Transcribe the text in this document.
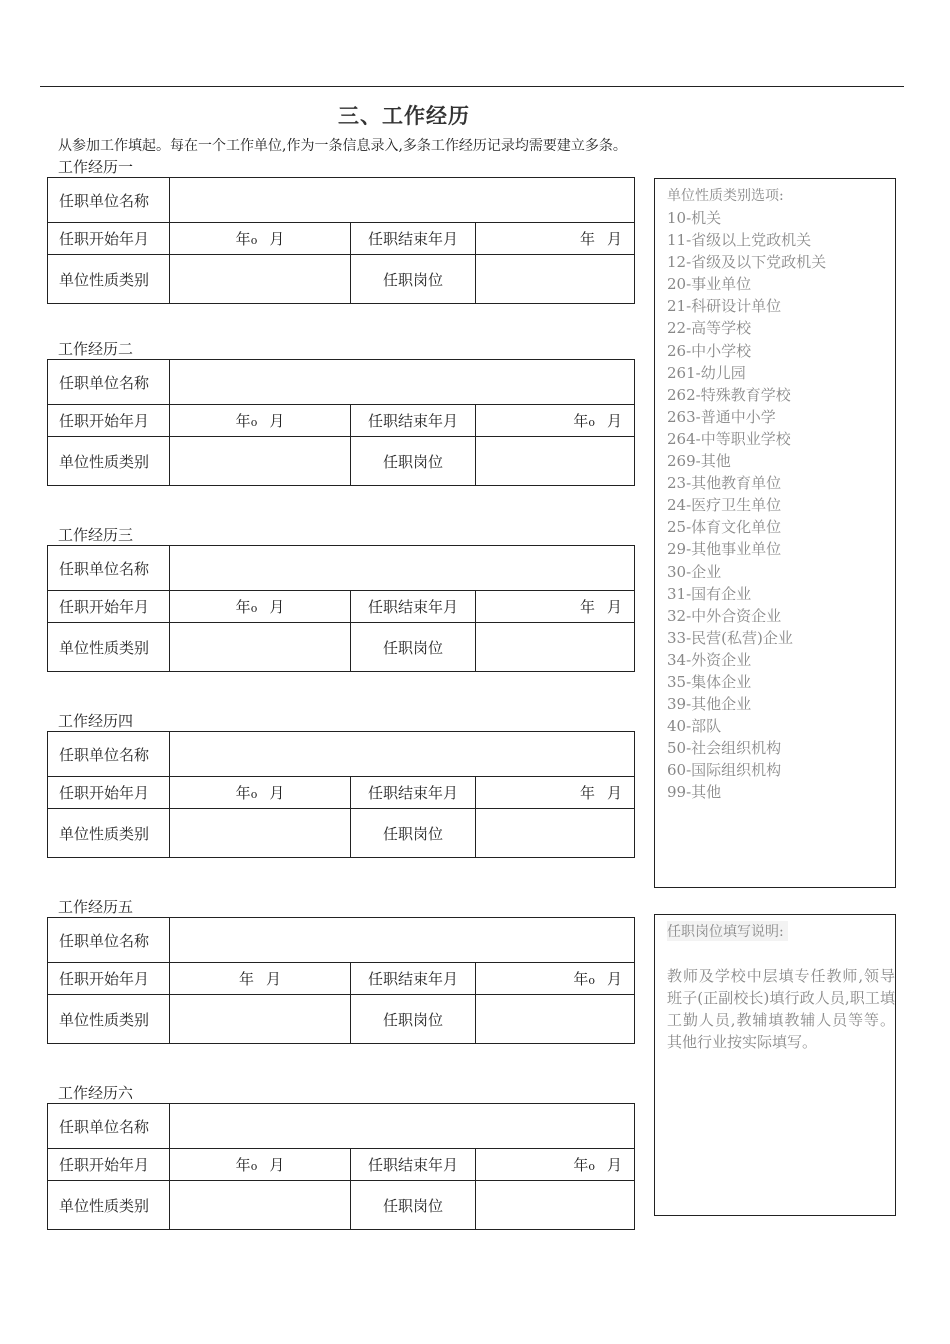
三、工作经历
从参加工作填起。每在一个工作单位,作为一条信息录入,多条工作经历记录均需要建立多条。
工作经历一
任职单位名称			
任职开始年月	年o 月	任职结束年月	年 月
单位性质类别		任职岗位	
工作经历二
任职单位名称			
任职开始年月	年o 月	任职结束年月	年o 月
单位性质类别		任职岗位	
工作经历三
任职单位名称			
任职开始年月	年o 月	任职结束年月	年 月
单位性质类别		任职岗位	
工作经历四
任职单位名称			
任职开始年月	年o 月	任职结束年月	年 月
单位性质类别		任职岗位	
工作经历五
任职单位名称			
任职开始年月	年 月	任职结束年月	年o 月
单位性质类别		任职岗位	
工作经历六
任职单位名称			
任职开始年月	年o 月	任职结束年月	年o 月
单位性质类别		任职岗位	
单位性质类别选项:
10-机关
11-省级以上党政机关
12-省级及以下党政机关
20-事业单位
21-科研设计单位
22-高等学校
26-中小学校
261-幼儿园
262-特殊教育学校
263-普通中小学
264-中等职业学校
269-其他
23-其他教育单位
24-医疗卫生单位
25-体育文化单位
29-其他事业单位
30-企业
31-国有企业
32-中外合资企业
33-民营(私营)企业
34-外资企业
35-集体企业
39-其他企业
40-部队
50-社会组织机构
60-国际组织机构
99-其他
任职岗位填写说明:
教师及学校中层填专任教师,领导班子(正副校长)填行政人员,职工填工勤人员,教辅填教辅人员等等。 其他行业按实际填写。
